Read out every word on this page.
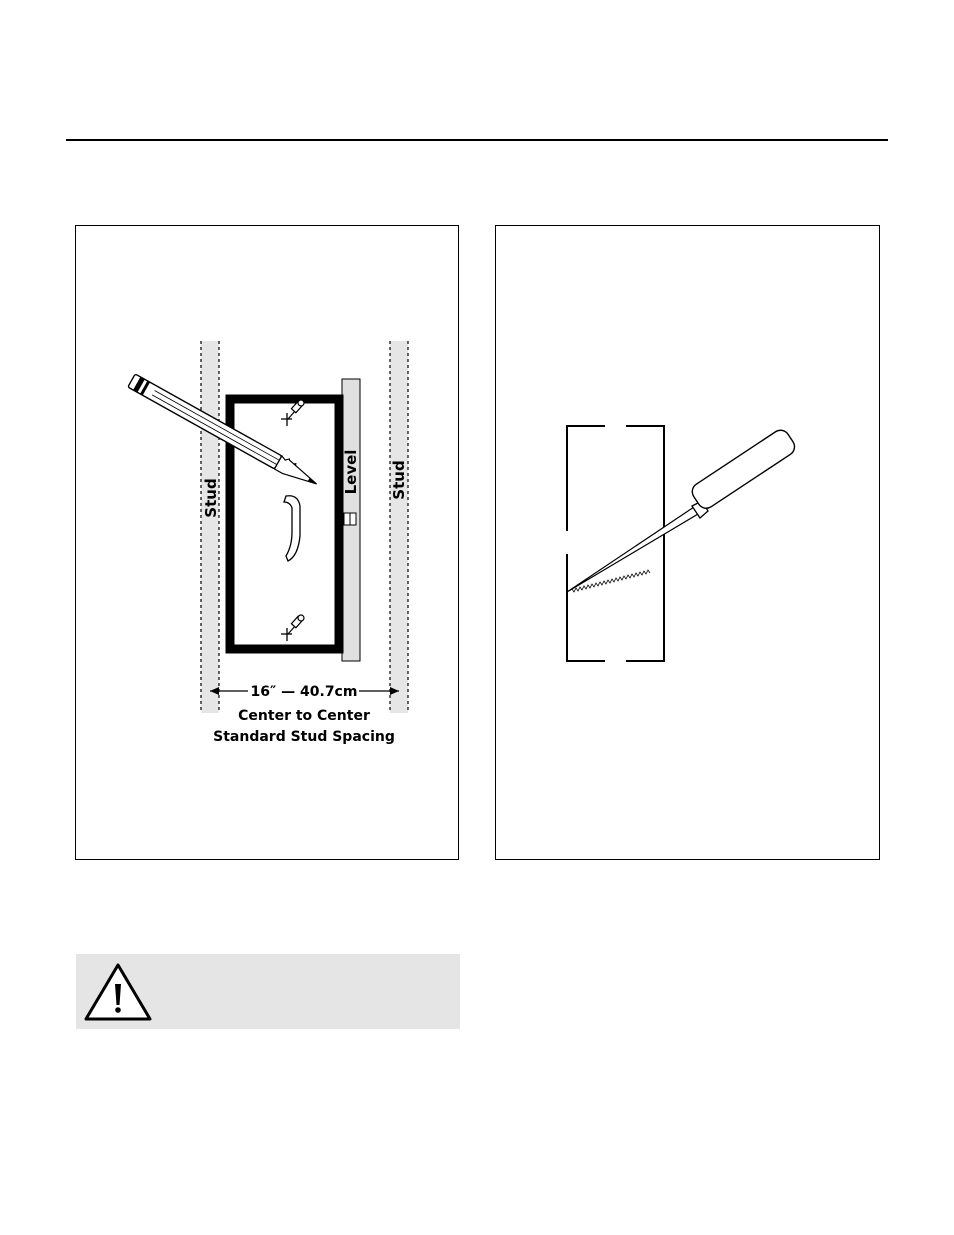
Stud	Stud
Level
16″ — 40.7cm
Center to Center
Standard Stud Spacing
